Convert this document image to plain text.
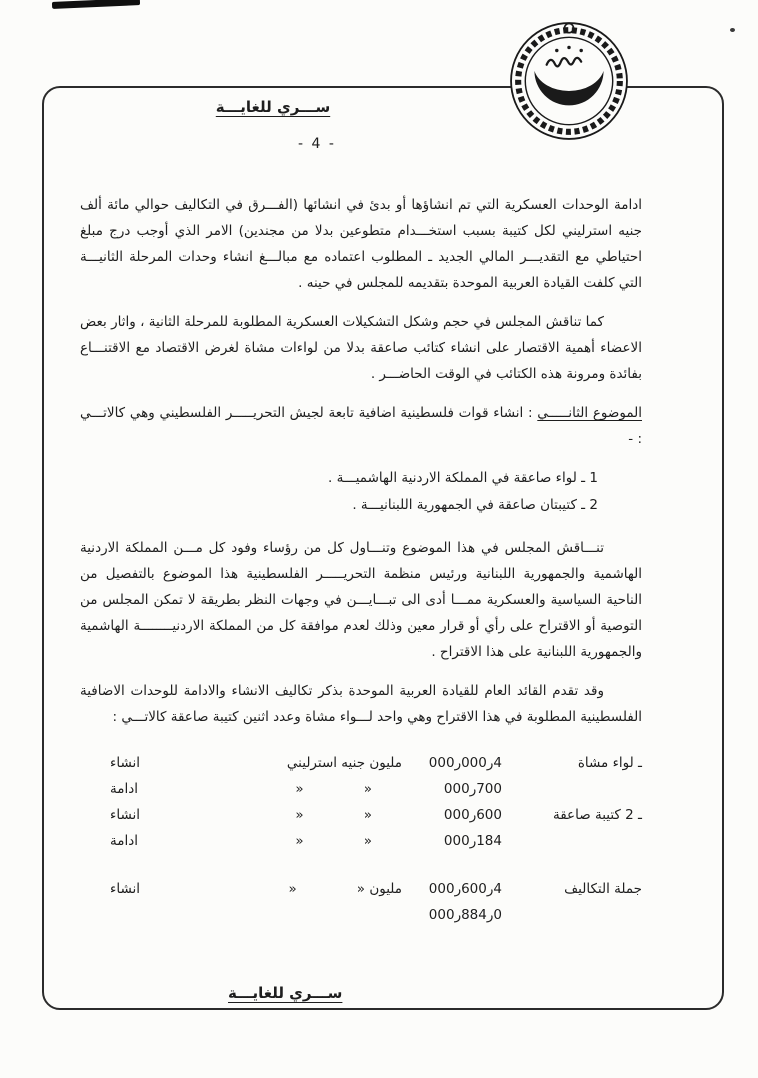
ســـري للغايـــة
- 4 -

ادامة الوحدات العسكرية التي تم انشاؤها أو بدئ في انشائها (الفـــرق في التكاليف حوالي مائة ألف جنيه استرليني لكل كتيبة بسبب استخـــدام متطوعين بدلا من مجندين) الامر الذي أوجب درج مبلغ احتياطي مع التقديـــر المالي الجديد ـ المطلوب اعتماده مع مبالـــغ انشاء وحدات المرحلة الثانيـــة التي كلفت القيادة العربية الموحدة بتقديمه للمجلس في حينه .

كما تناقش المجلس في حجم وشكل التشكيلات العسكرية المطلوبة للمرحلة الثانية ، واثار بعض الاعضاء أهمية الاقتصار على انشاء كتائب صاعقة بدلا من لواءات مشاة لغرض الاقتصاد مع الاقتنـــاع بفائدة ومرونة هذه الكتائب في الوقت الحاضـــر .

الموضوع الثانـــــي : انشاء قوات فلسطينية اضافية تابعة لجيش التحريـــــر الفلسطيني وهي كالاتـــي : -

1 ـ لواء صاعقة في المملكة الاردنية الهاشميـــة .
2 ـ كتيبتان صاعقة في الجمهورية اللبنانيـــة .

تنـــاقش المجلس في هذا الموضوع وتنـــاول كل من رؤساء وفود كل مـــن المملكة الاردنية الهاشمية والجمهورية اللبنانية ورئيس منظمة التحريـــــر الفلسطينية هذا الموضوع بالتفصيل من الناحية السياسية والعسكرية ممـــا أدى الى تبـــايـــن في وجهات النظر بطريقة لا تمكن المجلس من التوصية أو الاقتراح على رأي أو قرار معين وذلك لعدم موافقة كل من المملكة الاردنيــــــــة الهاشمية والجمهورية اللبنانية على هذا الاقتراح .

وقد تقدم القائد العام للقيادة العربية الموحدة بذكر تكاليف الانشاء والادامة للوحدات الاضافية الفلسطينية المطلوبة في هذا الاقتراح وهي واحد لـــواء مشاة وعدد اثنين كتيبة صاعقة كالاتـــي :

ـ لواء مشاة
4ر000ر000
مليون جنيه استرليني
انشاء
700ر000
«              «
ادامة
ـ 2 كتيبة صاعقة
600ر000
«              «
انشاء
184ر000
«              «
ادامة
جملة التكاليف
4ر600ر000
مليون «              «
انشاء
0ر884ر000
ســـري للغايـــة
